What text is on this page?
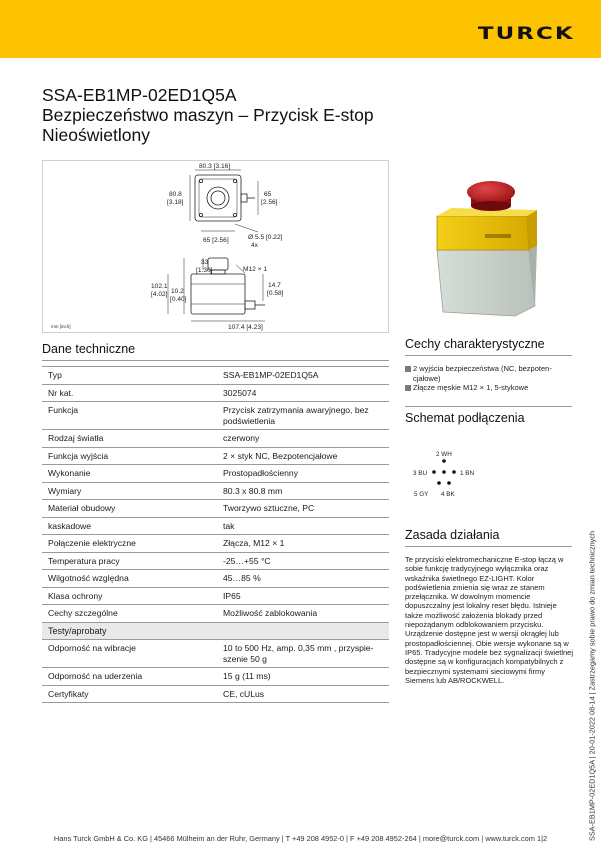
TURCK
SSA-EB1MP-02ED1Q5A
Bezpieczeństwo maszyn – Przycisk E-stop
Nieoświetlony
80.3 [3.16]
80.8
[3.18]
65
[2.56]
65 [2.56]	Ø 5.5 [0.22]
4x
33
[1.30]	M12 × 1
102.1
[4.02] 10.2
[0.40]
14.7
[0.58]
107.4 [4.23]
mm [inch]
Dane techniczne
Typ	SSA-EB1MP-02ED1Q5A
Nr kat.	3025074
Funkcja	Przycisk zatrzymania awaryjnego, bez podświetlenia
Rodzaj światła	czerwony
Funkcja wyjścia	2 × styk NC, Bezpotencjałowe
Wykonanie	Prostopadłościenny
Wymiary	80.3 x 80.8 mm
Materiał obudowy	Tworzywo sztuczne, PC
kaskadowe	tak
Połączenie elektryczne	Złącza, M12 × 1
Temperatura pracy	-25…+55 °C
Wilgotność względna	45…85 %
Klasa ochrony	IP65
Cechy szczególne	Możliwość zablokowania
Testy/aprobaty	
Odporność na wibracje	10 to 500 Hz, amp. 0,35 mm , przyspie-
szenie 50 g
Odporność na uderzenia	15 g (11 ms)
Certyfikaty	CE, cULus
Cechy charakterystyczne
2 wyjścia bezpieczeństwa (NC, bezpoten-
cjałowe)
Złącze męskie M12 × 1, 5-stykowe
Schemat podłączenia
2 WH
3 BU	1 BN
5 GY 4 BK
Zasada działania
Te przyciski elektromechaniczne E-stop łączą w sobie funkcję tradycyjnego wyłącznika oraz wskaźnika świetlnego EZ-LIGHT. Kolor podświetlenia zmienia się wraz ze stanem przełącznika. W dowolnym momencie dopuszczalny jest lokalny reset błędu. Istnieje także możliwość założenia blokady przed niepożądanym odblokowaniem przycisku. Urządzenie dostępne jest w wersji okrągłej lub prostopadłościennej. Obie wersje wykonane są w IP65. Tradycyjne modele bez sygnalizacji świetlnej dostępne są w konfiguracjach kompatybilnych z bezpiecznymi systemami sieciowymi firmy Siemens lub AB/ROCKWELL.	SSA-EB1MP-02ED1Q5A | 20-01-2022 08-14 | Zastrzegamy sobie prawo do zmian technicznych
Hans Turck GmbH & Co. KG | 45466 Mülheim an der Ruhr, Germany | T +49 208 4952-0 | F +49 208 4952-264 | more@turck.com | www.turck.com 1|2
